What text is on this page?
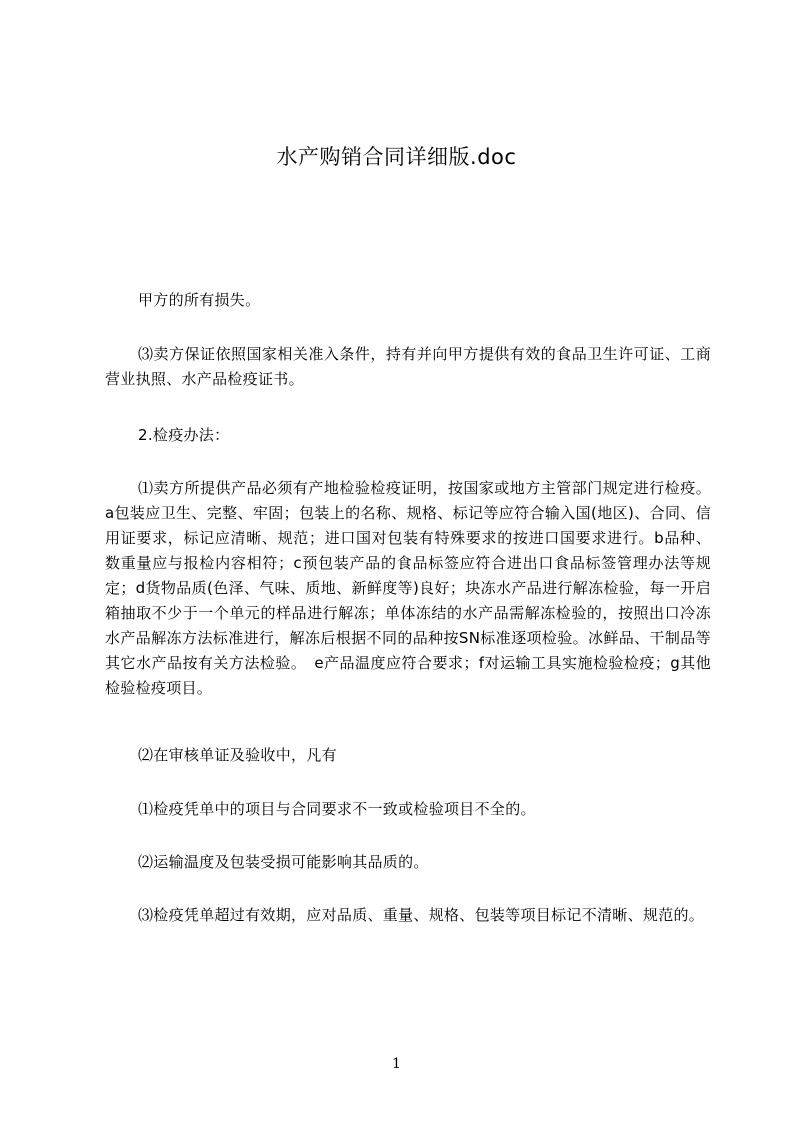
水产购销合同详细版.doc
甲方的所有损失。
⑶卖方保证依照国家相关准入条件，持有并向甲方提供有效的食品卫生许可证、工商营业执照、水产品检疫证书。
2.检疫办法：
⑴卖方所提供产品必须有产地检验检疫证明，按国家或地方主管部门规定进行检疫。a包装应卫生、完整、牢固；包装上的名称、规格、标记等应符合输入国(地区)、合同、信用证要求，标记应清晰、规范；进口国对包装有特殊要求的按进口国要求进行。b品种、数重量应与报检内容相符；c预包装产品的食品标签应符合进出口食品标签管理办法等规定；d货物品质(色泽、气味、质地、新鲜度等)良好；块冻水产品进行解冻检验，每一开启箱抽取不少于一个单元的样品进行解冻；单体冻结的水产品需解冻检验的，按照出口冷冻水产品解冻方法标准进行，解冻后根据不同的品种按SN标准逐项检验。冰鲜品、干制品等其它水产品按有关方法检验。　e产品温度应符合要求；f对运输工具实施检验检疫；g其他检验检疫项目。
⑵在审核单证及验收中，凡有
⑴检疫凭单中的项目与合同要求不一致或检验项目不全的。
⑵运输温度及包装受损可能影响其品质的。
⑶检疫凭单超过有效期，应对品质、重量、规格、包装等项目标记不清晰、规范的。
1
